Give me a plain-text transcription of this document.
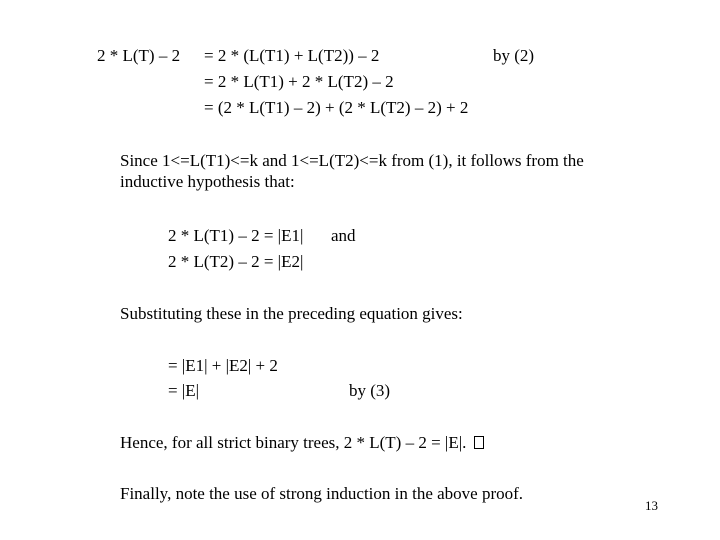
2 * L(T) – 2 = 2 * (L(T1) + L(T2)) – 2	by (2)
= 2 * L(T1) + 2 * L(T2) – 2
= (2 * L(T1) – 2) + (2 * L(T2) – 2) + 2
Since 1<=L(T1)<=k and 1<=L(T2)<=k from (1), it follows from the
inductive hypothesis that:
2 * L(T1) – 2 = |E1| and
2 * L(T2) – 2 = |E2|
Substituting these in the preceding equation gives:
= |E1| + |E2| + 2
= |E|	by (3)
Hence, for all strict binary trees, 2 * L(T) – 2 = |E|.
Finally, note the use of strong induction in the above proof.
13
